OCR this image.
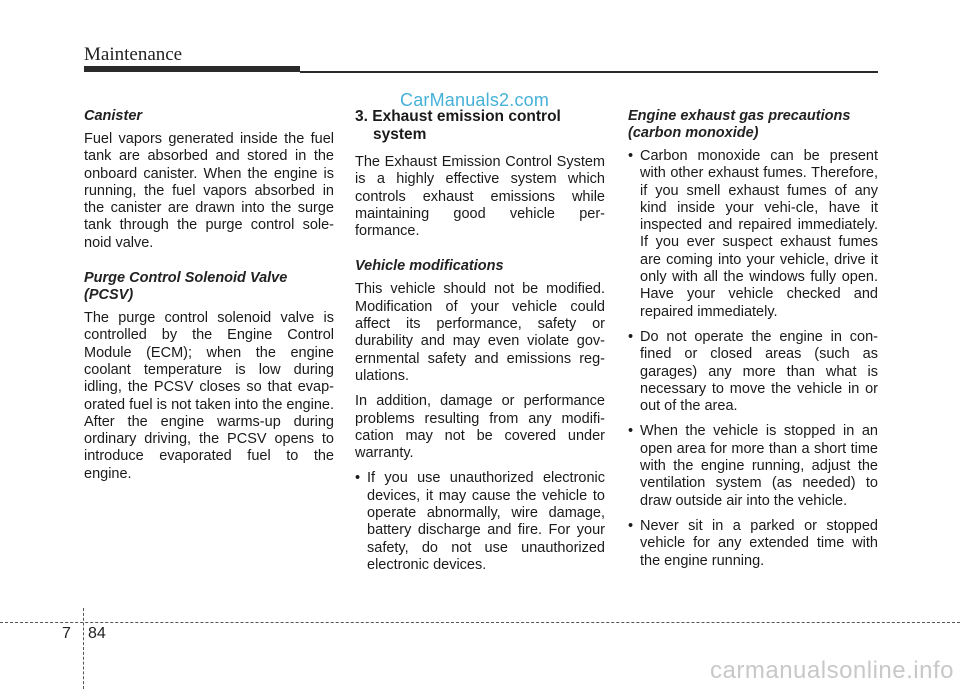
Maintenance
CarManuals2.com
Canister

Fuel vapors generated inside the fuel tank are absorbed and stored in the onboard canister. When the engine is running, the fuel vapors absorbed in the canister are drawn into the surge tank through the purge control sole-noid valve.

Purge Control Solenoid Valve (PCSV)

The purge control solenoid valve is controlled by the Engine Control Module (ECM); when the engine coolant temperature is low during idling, the PCSV closes so that evap-orated fuel is not taken into the engine. After the engine warms-up during ordinary driving, the PCSV opens to introduce evaporated fuel to the engine.

3. Exhaust emission control system

The Exhaust Emission Control System is a highly effective system which controls exhaust emissions while maintaining good vehicle per-formance.

Vehicle modifications

This vehicle should not be modified. Modification of your vehicle could affect its performance, safety or durability and may even violate gov-ernmental safety and emissions reg-ulations.

In addition, damage or performance problems resulting from any modifi-cation may not be covered under warranty.

• If you use unauthorized electronic devices, it may cause the vehicle to operate abnormally, wire damage, battery discharge and fire. For your safety, do not use unauthorized electronic devices.
Engine exhaust gas precautions (carbon monoxide)
• Carbon monoxide can be present with other exhaust fumes. Therefore, if you smell exhaust fumes of any kind inside your vehi-cle, have it inspected and repaired immediately. If you ever suspect exhaust fumes are coming into your vehicle, drive it only with all the windows fully open. Have your vehicle checked and repaired immediately.
• Do not operate the engine in con-fined or closed areas (such as garages) any more than what is necessary to move the vehicle in or out of the area.
• When the vehicle is stopped in an open area for more than a short time with the engine running, adjust the ventilation system (as needed) to draw outside air into the vehicle.
• Never sit in a parked or stopped vehicle for any extended time with the engine running.
7 84
carmanualsonline.info
